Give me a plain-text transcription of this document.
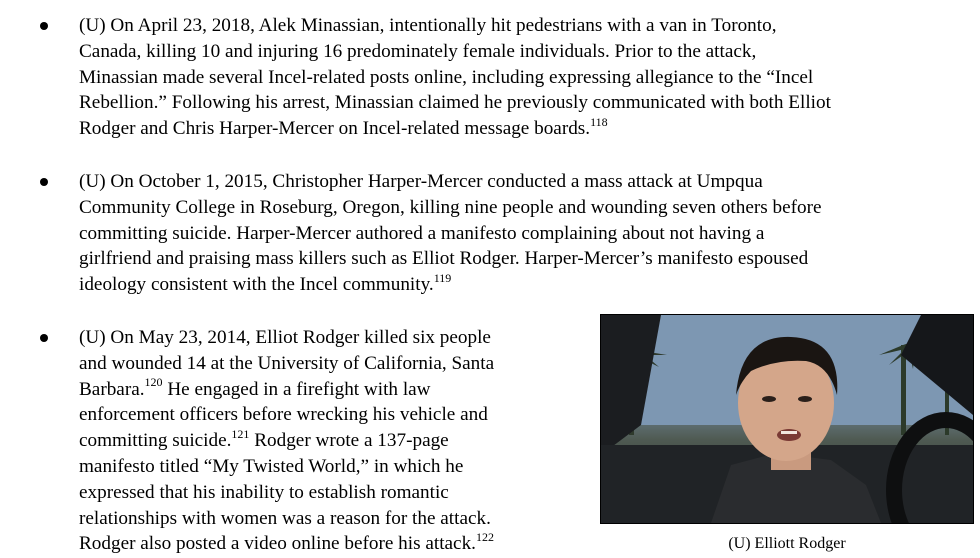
(U) On April 23, 2018, Alek Minassian, intentionally hit pedestrians with a van in Toronto,
Canada, killing 10 and injuring 16 predominately female individuals. Prior to the attack,
Minassian made several Incel-related posts online, including expressing allegiance to the “Incel
Rebellion.” Following his arrest, Minassian claimed he previously communicated with both Elliot
Rodger and Chris Harper-Mercer on Incel-related message boards.$^{118}$
(U) On October 1, 2015, Christopher Harper-Mercer conducted a mass attack at Umpqua
Community College in Roseburg, Oregon, killing nine people and wounding seven others before
committing suicide. Harper-Mercer authored a manifesto complaining about not having a
girlfriend and praising mass killers such as Elliot Rodger. Harper-Mercer’s manifesto espoused
ideology consistent with the Incel community.$^{119}$
(U) On May 23, 2014, Elliot Rodger killed six people
and wounded 14 at the University of California, Santa
Barbara.$^{120}$ He engaged in a firefight with law
enforcement officers before wrecking his vehicle and
committing suicide.$^{121}$ Rodger wrote a 137-page
manifesto titled “My Twisted World,” in which he
expressed that his inability to establish romantic
relationships with women was a reason for the attack.
Rodger also posted a video online before his attack.$^{122}$	(U) Elliott Rodger
